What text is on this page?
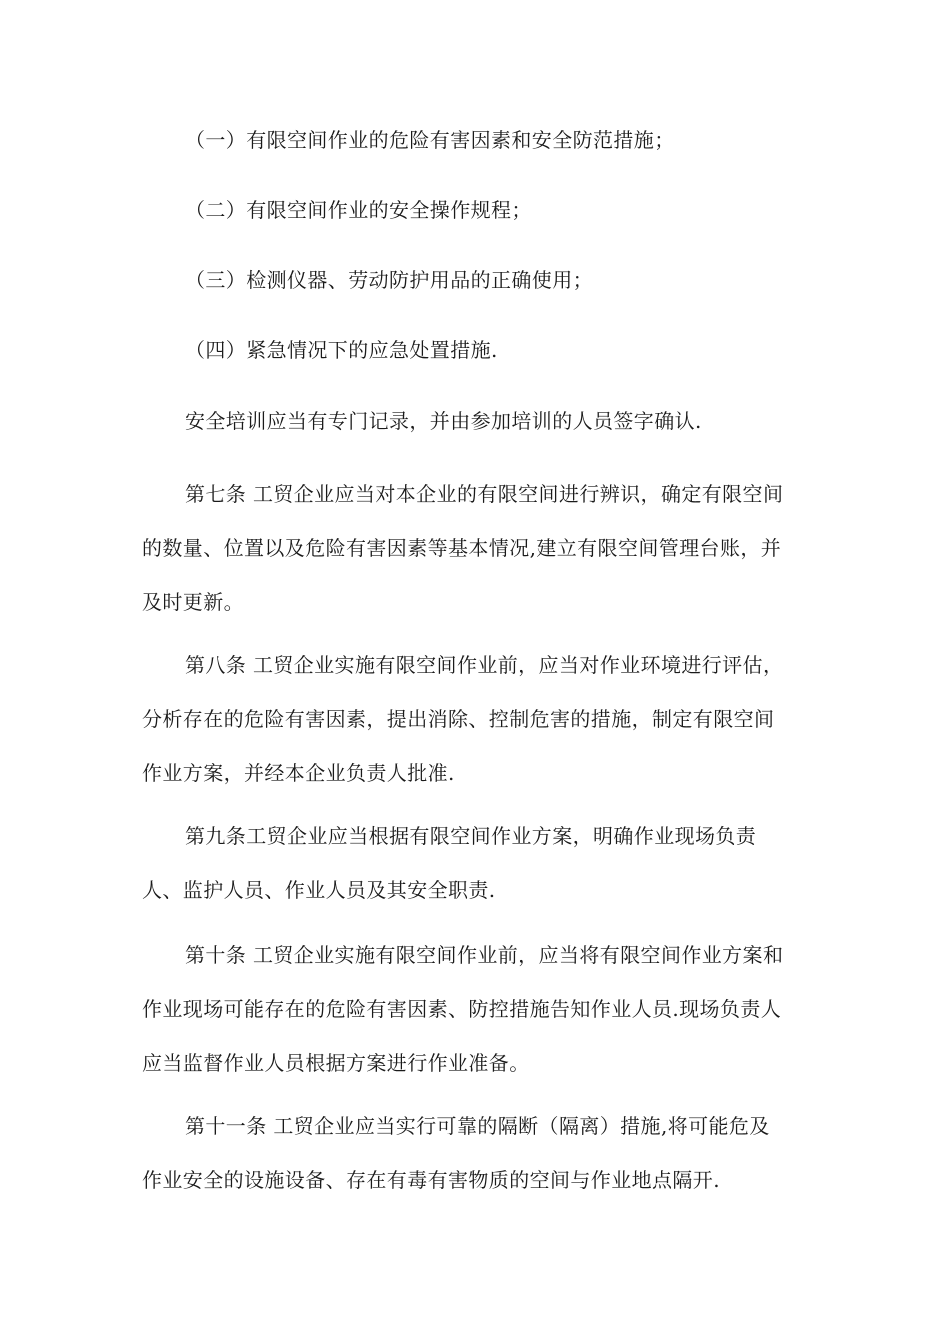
（一）有限空间作业的危险有害因素和安全防范措施；
（二）有限空间作业的安全操作规程；
（三）检测仪器、劳动防护用品的正确使用；
（四）紧急情况下的应急处置措施.
安全培训应当有专门记录，并由参加培训的人员签字确认.
第七条 工贸企业应当对本企业的有限空间进行辨识，确定有限空间
的数量、位置以及危险有害因素等基本情况,建立有限空间管理台账，并
及时更新。
第八条 工贸企业实施有限空间作业前，应当对作业环境进行评估，
分析存在的危险有害因素，提出消除、控制危害的措施，制定有限空间
作业方案，并经本企业负责人批准.
第九条工贸企业应当根据有限空间作业方案，明确作业现场负责
人、监护人员、作业人员及其安全职责.
第十条 工贸企业实施有限空间作业前，应当将有限空间作业方案和
作业现场可能存在的危险有害因素、防控措施告知作业人员.现场负责人
应当监督作业人员根据方案进行作业准备。
第十一条 工贸企业应当实行可靠的隔断（隔离）措施,将可能危及
作业安全的设施设备、存在有毒有害物质的空间与作业地点隔开.
